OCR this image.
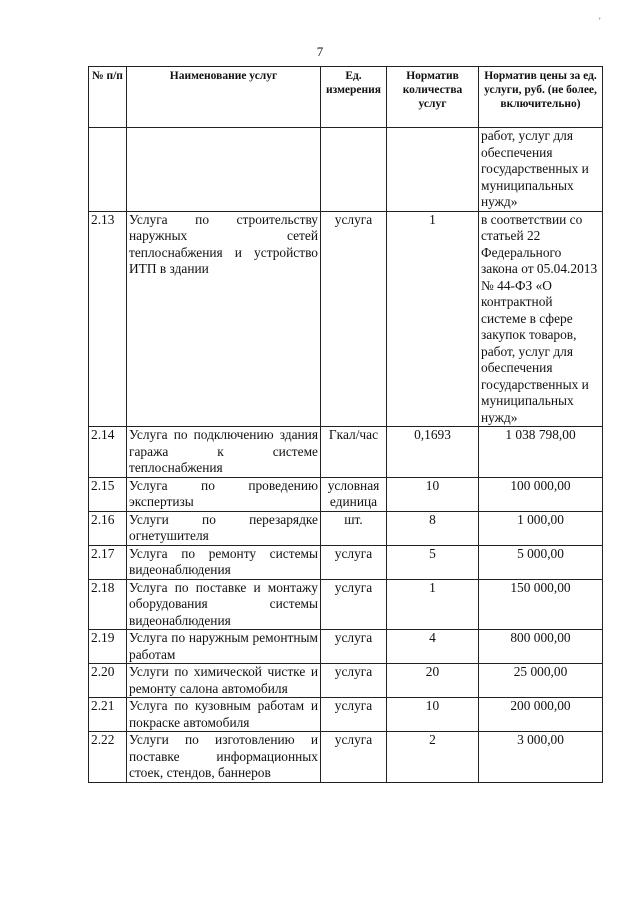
7
'
№ п/п	Наименование услуг	Ед. измерения	Норматив количества услуг	Норматив цены за ед. услуги, руб. (не более, включительно)
				работ, услуг для обеспечения государственных и муниципальных нужд»
2.13	Услуга по строительству наружных сетей теплоснабжения и устройство ИТП в здании	услуга	1	в соответствии со статьей 22 Федерального закона от 05.04.2013 № 44-ФЗ «О контрактной системе в сфере закупок товаров, работ, услуг для обеспечения государственных и муниципальных нужд»
2.14	Услуга по подключению здания гаража к системе теплоснабжения	Гкал/час	0,1693	1 038 798,00
2.15	Услуга по проведению экспертизы	условная единица	10	100 000,00
2.16	Услуги по перезарядке огнетушителя	шт.	8	1 000,00
2.17	Услуга по ремонту системы видеонаблюдения	услуга	5	5 000,00
2.18	Услуга по поставке и монтажу оборудования системы видеонаблюдения	услуга	1	150 000,00
2.19	Услуга по наружным ремонтным работам	услуга	4	800 000,00
2.20	Услуги по химической чистке и ремонту салона автомобиля	услуга	20	25 000,00
2.21	Услуга по кузовным работам и покраске автомобиля	услуга	10	200 000,00
2.22	Услуги по изготовлению и поставке информационных стоек, стендов, баннеров	услуга	2	3 000,00
